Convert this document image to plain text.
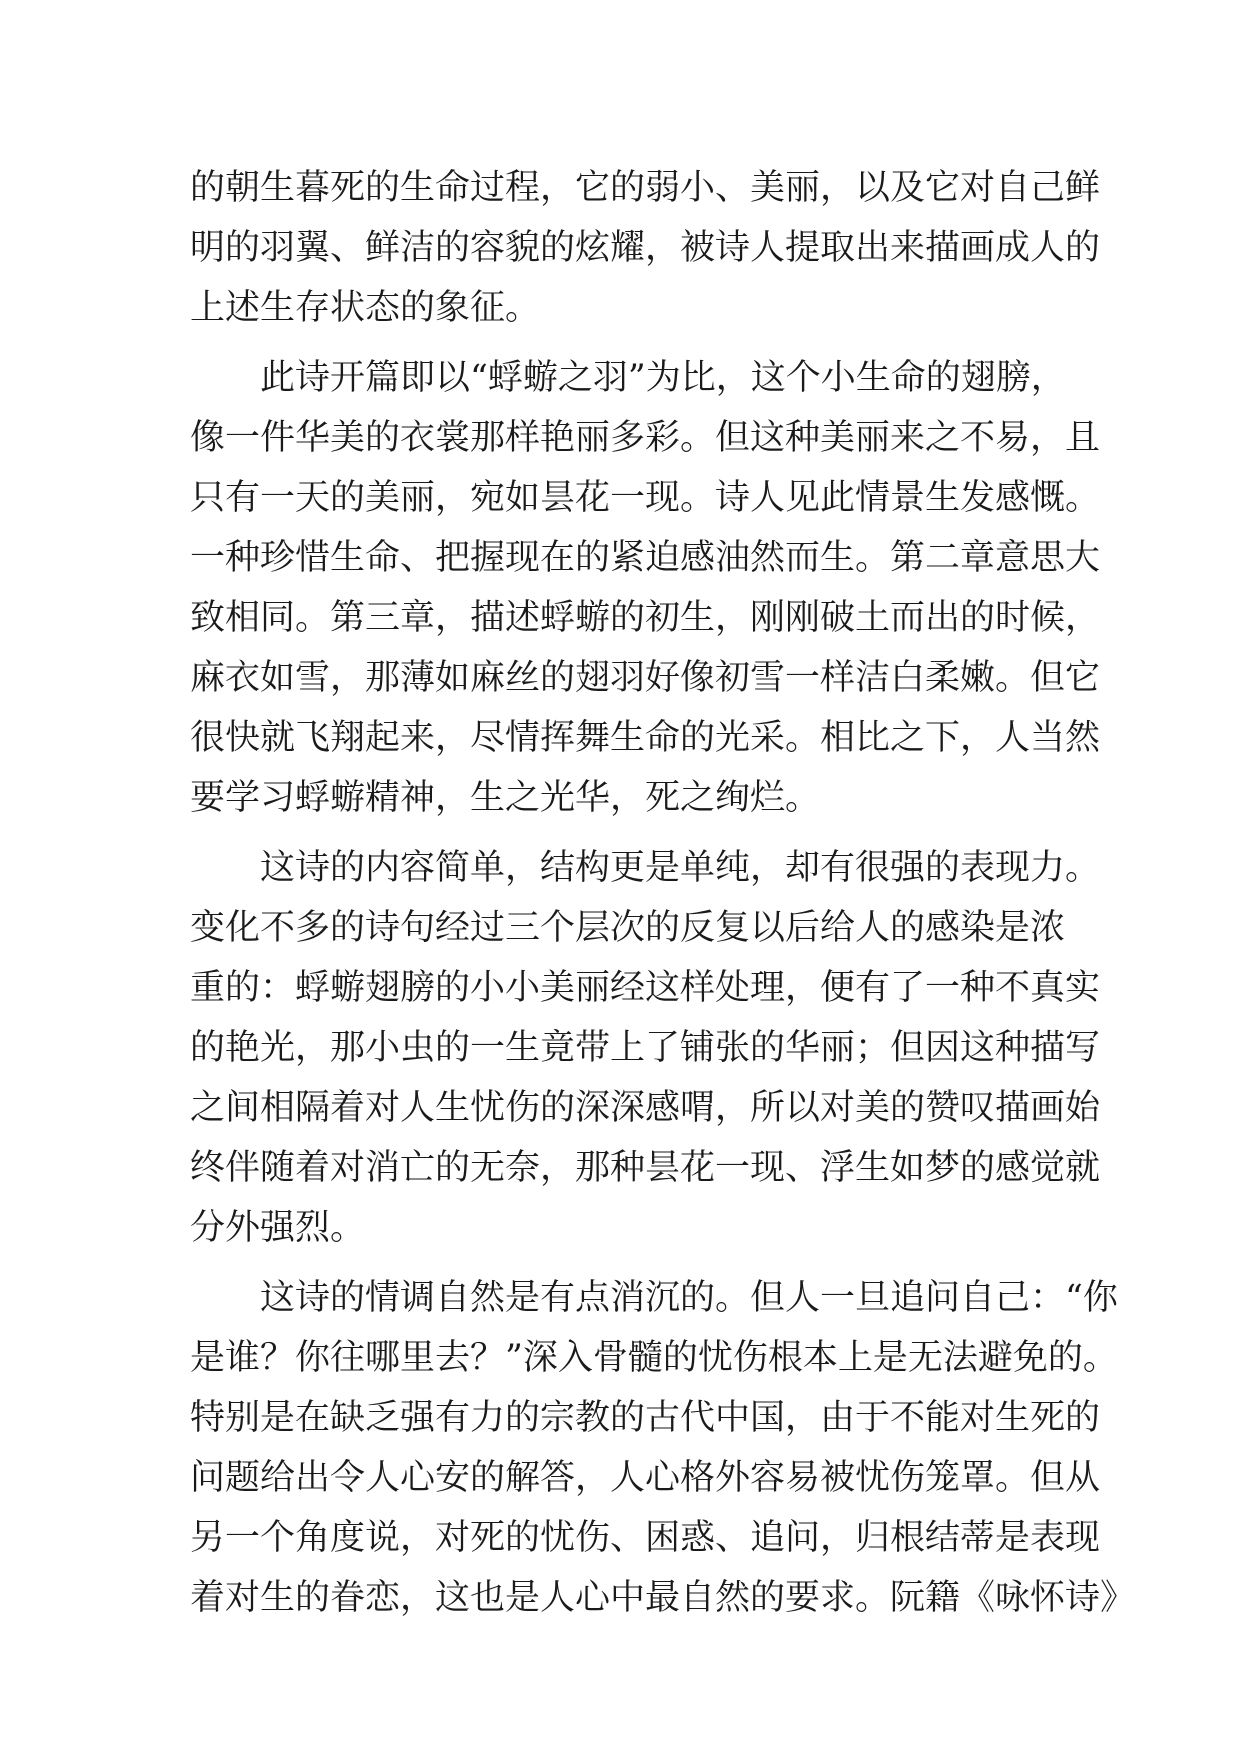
的朝生暮死的生命过程，它的弱小、美丽，以及它对自己鲜
明的羽翼、鲜洁的容貌的炫耀，被诗人提取出来描画成人的
上述生存状态的象征。
　　此诗开篇即以“蜉蝣之羽”为比，这个小生命的翅膀，
像一件华美的衣裳那样艳丽多彩。但这种美丽来之不易，且
只有一天的美丽，宛如昙花一现。诗人见此情景生发感慨。
一种珍惜生命、把握现在的紧迫感油然而生。第二章意思大
致相同。第三章，描述蜉蝣的初生，刚刚破土而出的时候，
麻衣如雪，那薄如麻丝的翅羽好像初雪一样洁白柔嫩。但它
很快就飞翔起来，尽情挥舞生命的光采。相比之下，人当然
要学习蜉蝣精神，生之光华，死之绚烂。
　　这诗的内容简单，结构更是单纯，却有很强的表现力。
变化不多的诗句经过三个层次的反复以后给人的感染是浓
重的：蜉蝣翅膀的小小美丽经这样处理，便有了一种不真实
的艳光，那小虫的一生竟带上了铺张的华丽；但因这种描写
之间相隔着对人生忧伤的深深感喟，所以对美的赞叹描画始
终伴随着对消亡的无奈，那种昙花一现、浮生如梦的感觉就
分外强烈。
　　这诗的情调自然是有点消沉的。但人一旦追问自己：“你
是谁？你往哪里去？”深入骨髓的忧伤根本上是无法避免的。
特别是在缺乏强有力的宗教的古代中国，由于不能对生死的
问题给出令人心安的解答，人心格外容易被忧伤笼罩。但从
另一个角度说，对死的忧伤、困惑、追问，归根结蒂是表现
着对生的眷恋，这也是人心中最自然的要求。阮籍《咏怀诗》
